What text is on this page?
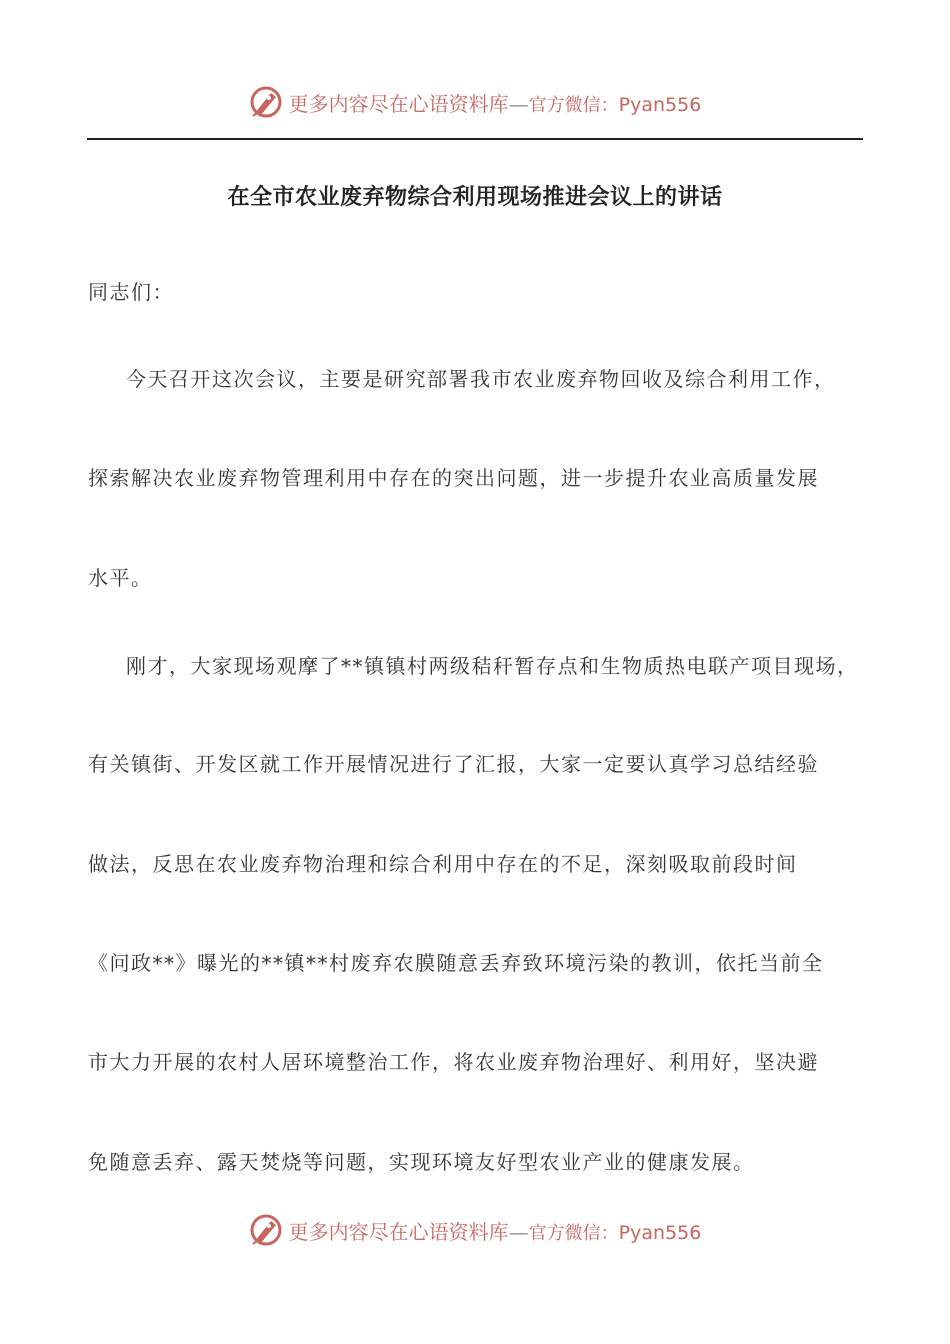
更多内容尽在心语资料库—官方微信：Pyan556
在全市农业废弃物综合利用现场推进会议上的讲话
同志们：
今天召开这次会议，主要是研究部署我市农业废弃物回收及综合利用工作，
探索解决农业废弃物管理利用中存在的突出问题，进一步提升农业高质量发展
水平。
刚才，大家现场观摩了**镇镇村两级秸秆暂存点和生物质热电联产项目现场，
有关镇街、开发区就工作开展情况进行了汇报，大家一定要认真学习总结经验
做法，反思在农业废弃物治理和综合利用中存在的不足，深刻吸取前段时间
《问政**》曝光的**镇**村废弃农膜随意丢弃致环境污染的教训，依托当前全
市大力开展的农村人居环境整治工作，将农业废弃物治理好、利用好，坚决避
免随意丢弃、露天焚烧等问题，实现环境友好型农业产业的健康发展。
更多内容尽在心语资料库—官方微信：Pyan556
